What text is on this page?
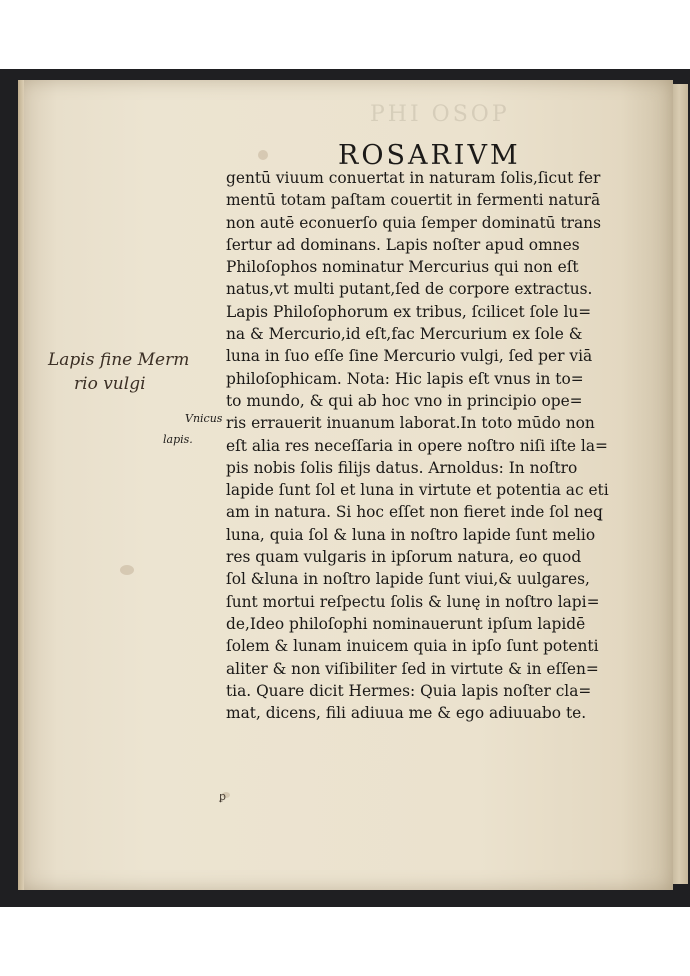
PHI OSOP
ROSARIVM
gentū viuum conuertat in naturam ſolis,ſicut fer
mentū totam paſtam couertit in fermenti naturā
non autē econuerſo quia ſemper dominatū trans
ſertur ad dominans. Lapis noſter apud omnes
Philoſophos nominatur Mercurius qui non eſt
natus,vt multi putant,ſed de corpore extractus.
Lapis Philoſophorum ex tribus, ſcilicet ſole lu=
na & Mercurio,id eſt,fac Mercurium ex ſole &
luna in ſuo eſſe ſine Mercurio vulgi, ſed per viā
philoſophicam. Nota: Hic lapis eſt vnus in to=
to mundo, & qui ab hoc vno in principio ope=
ris errauerit inuanum laborat.In toto mūdo non
eſt alia res neceſſaria in opere noſtro niſi iſte la=
pis nobis ſolis filijs datus. Arnoldus: In noſtro
lapide ſunt ſol et luna in virtute et potentia ac eti
am in natura. Si hoc eſſet non fieret inde ſol neq̧
luna, quia ſol & luna in noſtro lapide ſunt melio
res quam vulgaris in ipſorum natura, eo quod
ſol &luna in noſtro lapide ſunt viui,& uulgares,
ſunt mortui reſpectu ſolis & lunę in noſtro lapi=
de,Ideo philoſophi nominauerunt ipſum lapidē
ſolem & lunam inuicem quia in ipſo ſunt potenti
aliter & non viſibiliter ſed in virtute & in eſſen=
tia. Quare dicit Hermes: Quia lapis noſter cla=
mat, dicens, fili adiuua me & ego adiuuabo te.
Lapis fine Merm
rio vulgi
Vnicus
lapis.
ꝑ
